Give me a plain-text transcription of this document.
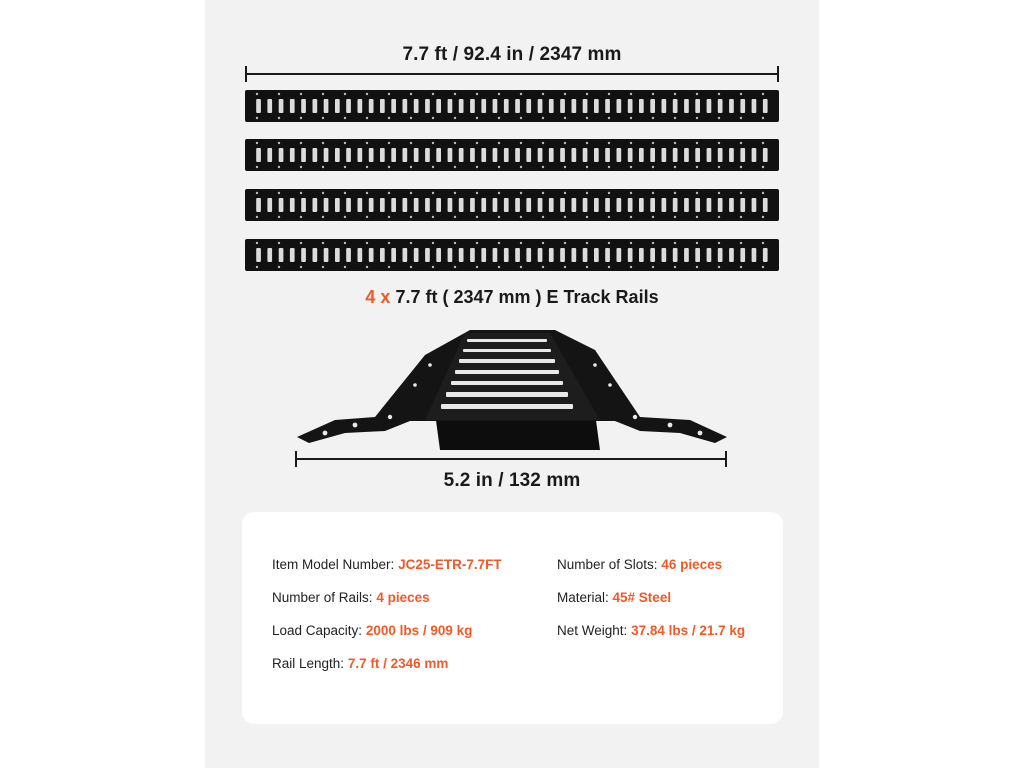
7.7 ft / 92.4 in / 2347 mm
4 x 7.7 ft ( 2347 mm ) E Track Rails
5.2 in / 132 mm
Item Model Number: JC25-ETR-7.7FT
Number of Rails: 4 pieces
Load Capacity: 2000 lbs / 909 kg
Rail Length: 7.7 ft / 2346 mm
Number of Slots: 46 pieces
Material: 45# Steel
Net Weight: 37.84 lbs / 21.7 kg
